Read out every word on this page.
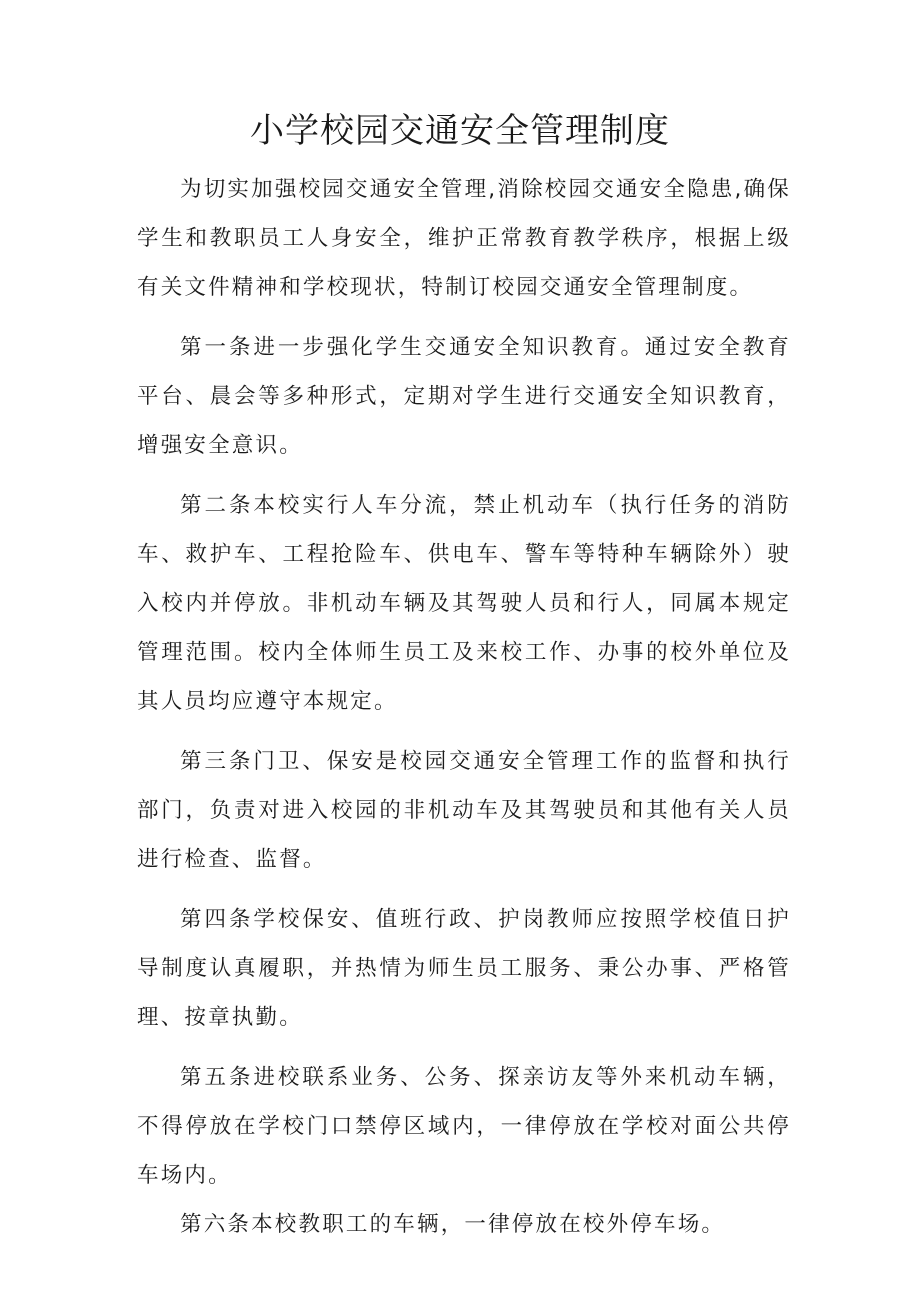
小学校园交通安全管理制度

为切实加强校园交通安全管理,消除校园交通安全隐患,确保学生和教职员工人身安全，维护正常教育教学秩序，根据上级有关文件精神和学校现状，特制订校园交通安全管理制度。

第一条进一步强化学生交通安全知识教育。通过安全教育平台、晨会等多种形式，定期对学生进行交通安全知识教育，增强安全意识。

第二条本校实行人车分流，禁止机动车（执行任务的消防车、救护车、工程抢险车、供电车、警车等特种车辆除外）驶入校内并停放。非机动车辆及其驾驶人员和行人，同属本规定管理范围。校内全体师生员工及来校工作、办事的校外单位及其人员均应遵守本规定。

第三条门卫、保安是校园交通安全管理工作的监督和执行部门，负责对进入校园的非机动车及其驾驶员和其他有关人员进行检查、监督。

第四条学校保安、值班行政、护岗教师应按照学校值日护导制度认真履职，并热情为师生员工服务、秉公办事、严格管理、按章执勤。

第五条进校联系业务、公务、探亲访友等外来机动车辆，不得停放在学校门口禁停区域内，一律停放在学校对面公共停车场内。

第六条本校教职工的车辆，一律停放在校外停车场。
